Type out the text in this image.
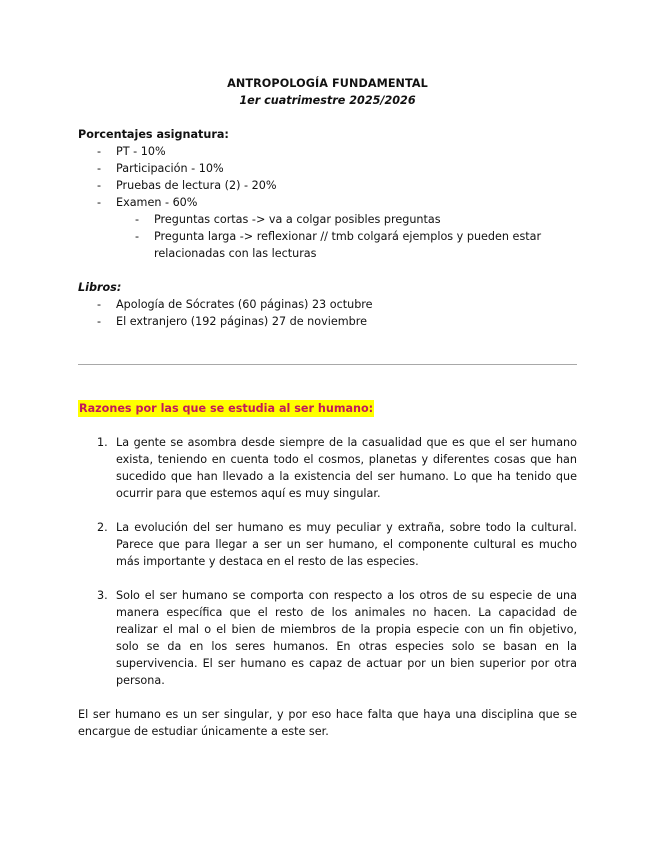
ANTROPOLOGÍA FUNDAMENTAL
1er cuatrimestre 2025/2026
Porcentajes asignatura:
- PT - 10%
- Participación - 10%
- Pruebas de lectura (2) - 20%
- Examen - 60%
- Preguntas cortas -> va a colgar posibles preguntas
- Pregunta larga -> reflexionar // tmb colgará ejemplos y pueden estar relacionadas con las lecturas
Libros:
- Apología de Sócrates (60 páginas) 23 octubre
- El extranjero (192 páginas) 27 de noviembre
Razones por las que se estudia al ser humano:
1. La gente se asombra desde siempre de la casualidad que es que el ser humano exista, teniendo en cuenta todo el cosmos, planetas y diferentes cosas que han sucedido que han llevado a la existencia del ser humano. Lo que ha tenido que ocurrir para que estemos aquí es muy singular.
2. La evolución del ser humano es muy peculiar y extraña, sobre todo la cultural. Parece que para llegar a ser un ser humano, el componente cultural es mucho más importante y destaca en el resto de las especies.
3. Solo el ser humano se comporta con respecto a los otros de su especie de una manera específica que el resto de los animales no hacen. La capacidad de realizar el mal o el bien de miembros de la propia especie con un fin objetivo, solo se da en los seres humanos. En otras especies solo se basan en la supervivencia. El ser humano es capaz de actuar por un bien superior por otra persona.
El ser humano es un ser singular, y por eso hace falta que haya una disciplina que se encargue de estudiar únicamente a este ser.
